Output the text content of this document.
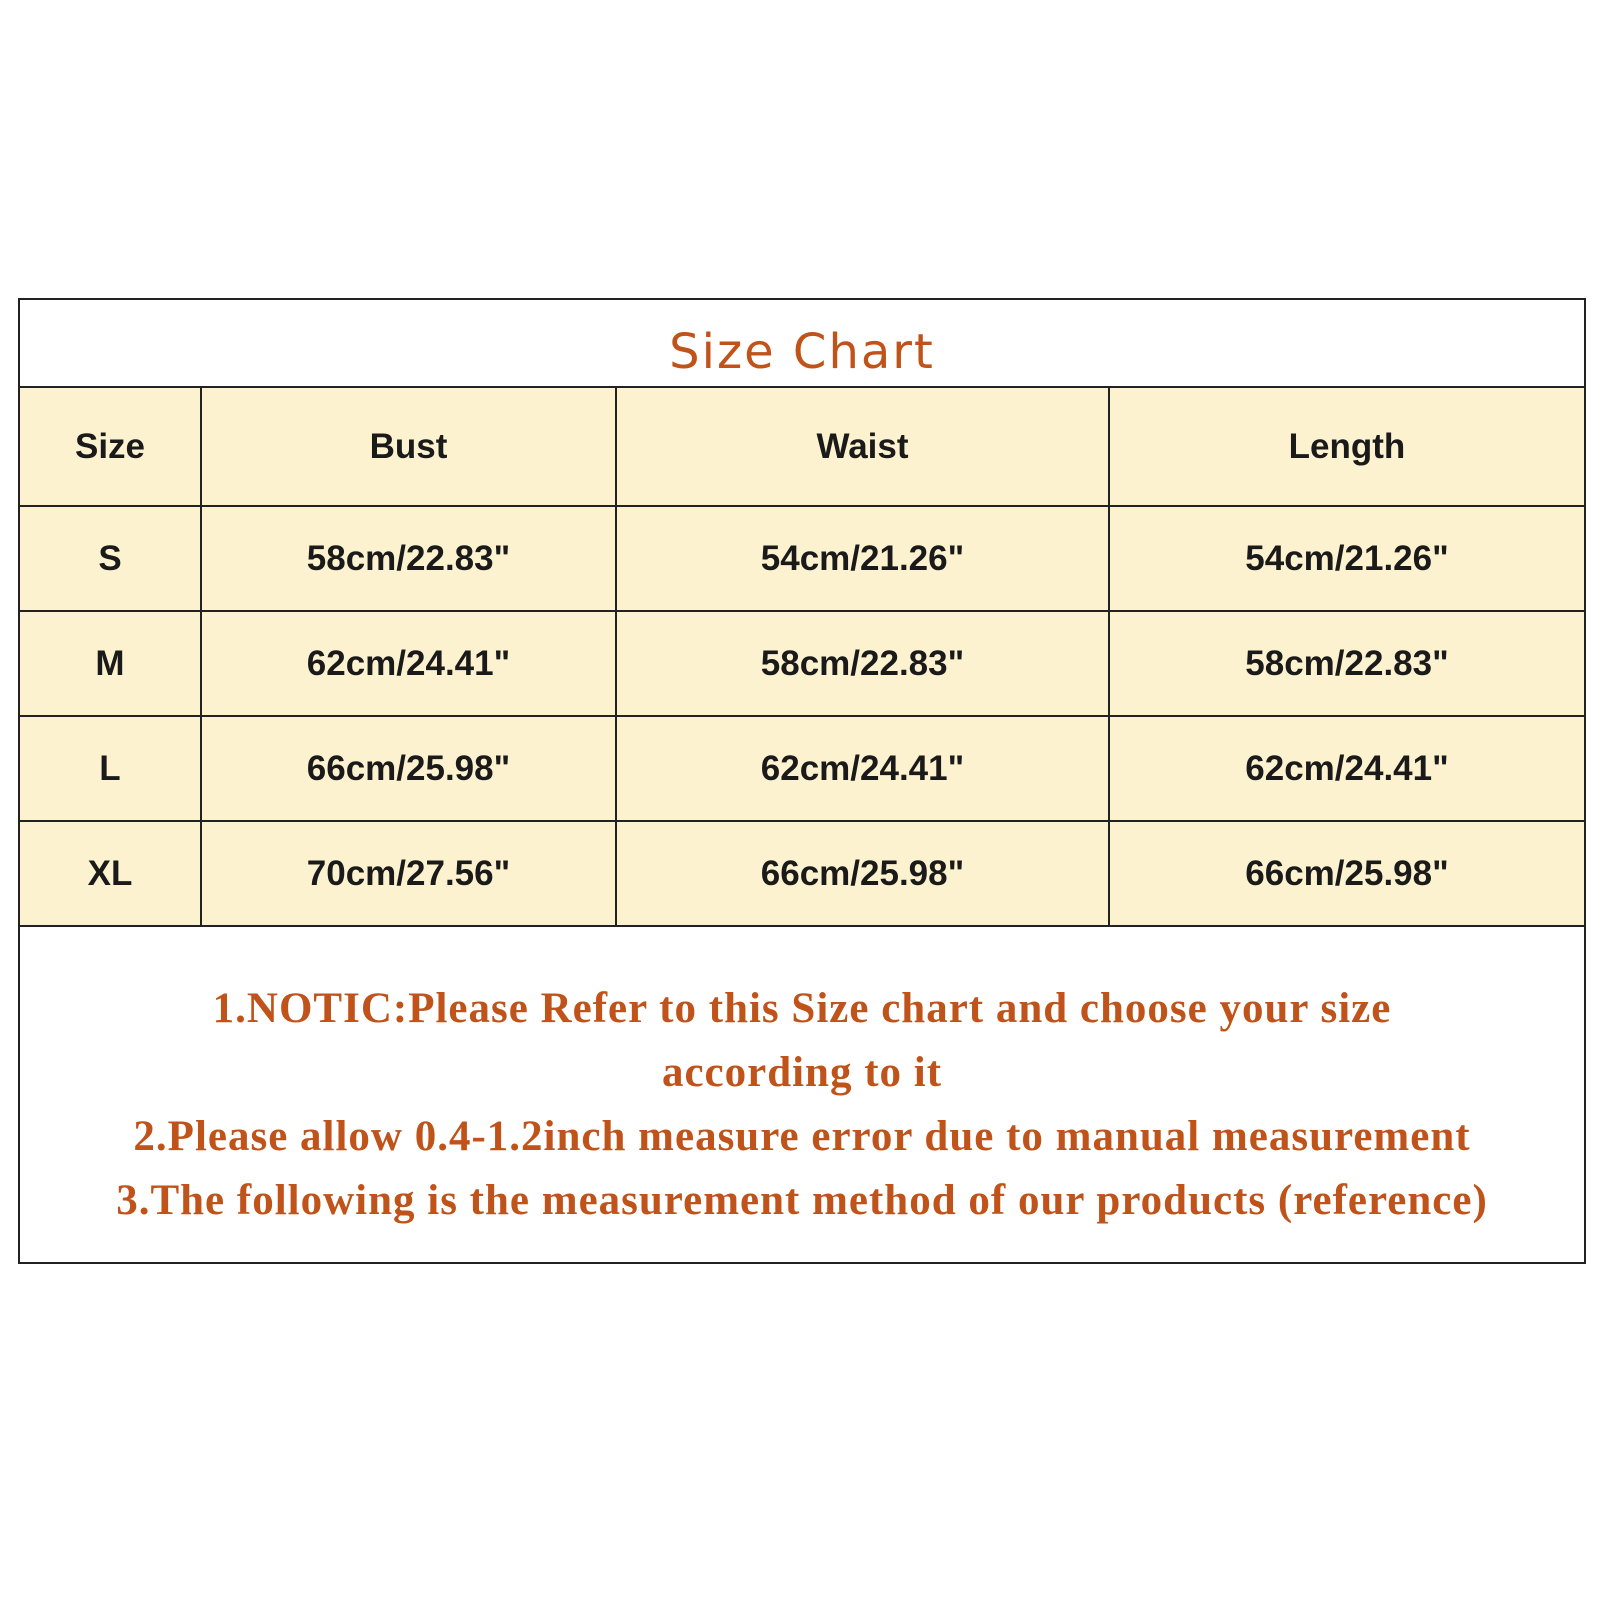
Size Chart
Size	Bust	Waist	Length
S	58cm/22.83"	54cm/21.26"	54cm/21.26"
M	62cm/24.41"	58cm/22.83"	58cm/22.83"
L	66cm/25.98"	62cm/24.41"	62cm/24.41"
XL	70cm/27.56"	66cm/25.98"	66cm/25.98"
1.NOTIC:Please Refer to this Size chart and choose your size
according to it
2.Please allow 0.4-1.2inch measure error due to manual measurement
3.The following is the measurement method of our products (reference)
